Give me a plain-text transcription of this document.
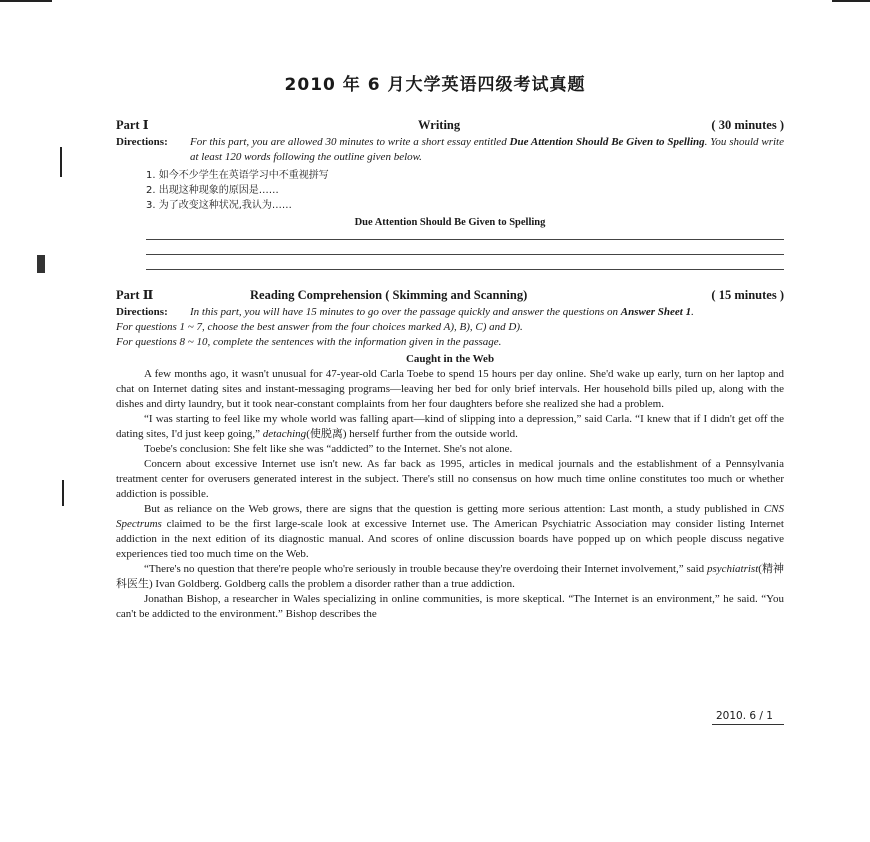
2010 年 6 月大学英语四级考试真题
Part Ⅰ	Writing	( 30 minutes )
Directions: For this part, you are allowed 30 minutes to write a short essay entitled Due Attention Should Be Given to Spelling. You should write at least 120 words following the outline given below.
1. 如今不少学生在英语学习中不重视拼写
2. 出现这种现象的原因是……
3. 为了改变这种状况,我认为……
Due Attention Should Be Given to Spelling
Part Ⅱ	Reading Comprehension ( Skimming and Scanning)	( 15 minutes )
Directions: In this part, you will have 15 minutes to go over the passage quickly and answer the questions on Answer Sheet 1.
For questions 1 ~ 7, choose the best answer from the four choices marked A), B), C) and D).
For questions 8 ~ 10, complete the sentences with the information given in the passage.
Caught in the Web

A few months ago, it wasn't unusual for 47-year-old Carla Toebe to spend 15 hours per day online. She'd wake up early, turn on her laptop and chat on Internet dating sites and instant-messaging programs—leaving her bed for only brief intervals. Her household bills piled up, along with the dishes and dirty laundry, but it took near-constant complaints from her four daughters before she realized she had a problem.

“I was starting to feel like my whole world was falling apart—kind of slipping into a depression,” said Carla. “I knew that if I didn't get off the dating sites, I'd just keep going,” detaching(使脱离) herself further from the outside world.

Toebe's conclusion: She felt like she was “addicted” to the Internet. She's not alone.

Concern about excessive Internet use isn't new. As far back as 1995, articles in medical journals and the establishment of a Pennsylvania treatment center for overusers generated interest in the subject. There's still no consensus on how much time online constitutes too much or whether addiction is possible.

But as reliance on the Web grows, there are signs that the question is getting more serious attention: Last month, a study published in CNS Spectrums claimed to be the first large-scale look at excessive Internet use. The American Psychiatric Association may consider listing Internet addiction in the next edition of its diagnostic manual. And scores of online discussion boards have popped up on which people discuss negative experiences tied too much time on the Web.

“There's no question that there're people who're seriously in trouble because they're overdoing their Internet involvement,” said psychiatrist(精神科医生) Ivan Goldberg. Goldberg calls the problem a disorder rather than a true addiction.

Jonathan Bishop, a researcher in Wales specializing in online communities, is more skeptical. “The Internet is an environment,” he said. “You can't be addicted to the environment.” Bishop describes the

2010. 6 / 1
